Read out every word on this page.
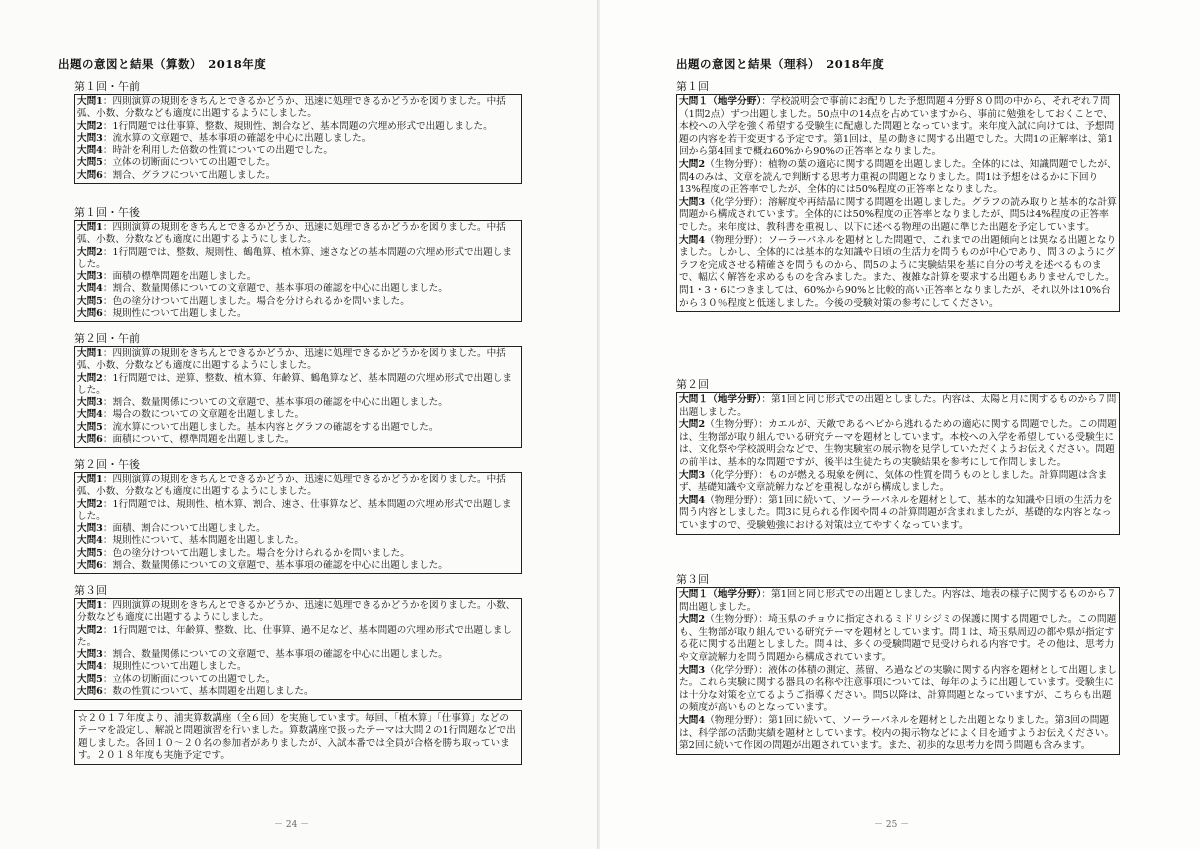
出題の意図と結果（算数）　2018年度
第１回・午前

大問1：四則演算の規則をきちんとできるかどうか、迅速に処理できるかどうかを図りました。中括弧、小数、分数なども適度に出題するようにしました。

大問2：1行問題では仕事算、整数、規則性、割合など、基本問題の穴埋め形式で出題しました。

大問3：流水算の文章題で、基本事項の確認を中心に出題しました。

大問4：時計を利用した倍数の性質についての出題でした。

大問5：立体の切断面についての出題でした。

大問6：割合、グラフについて出題しました。

第１回・午後

大問1：四則演算の規則をきちんとできるかどうか、迅速に処理できるかどうかを図りました。中括弧、小数、分数なども適度に出題するようにしました。

大問2：1行問題では、整数、規則性、鶴亀算、植木算、速さなどの基本問題の穴埋め形式で出題しました。

大問3：面積の標準問題を出題しました。

大問4：割合、数量関係についての文章題で、基本事項の確認を中心に出題しました。

大問5：色の塗分けついて出題しました。場合を分けられるかを問いました。

大問6：規則性について出題しました。

第２回・午前

大問1：四則演算の規則をきちんとできるかどうか、迅速に処理できるかどうかを図りました。中括弧、小数、分数なども適度に出題するようにしました。

大問2：1行問題では、逆算、整数、植木算、年齢算、鶴亀算など、基本問題の穴埋め形式で出題しました。

大問3：割合、数量関係についての文章題で、基本事項の確認を中心に出題しました。

大問4：場合の数についての文章題を出題しました。

大問5：流水算について出題しました。基本内容とグラフの確認をする出題でした。

大問6：面積について、標準問題を出題しました。

第２回・午後

大問1：四則演算の規則をきちんとできるかどうか、迅速に処理できるかどうかを図りました。中括弧、小数、分数なども適度に出題するようにしました。

大問2：1行問題では、規則性、植木算、割合、速さ、仕事算など、基本問題の穴埋め形式で出題しました。

大問3：面積、割合について出題しました。

大問4：規則性について、基本問題を出題しました。

大問5：色の塗分けついて出題しました。場合を分けられるかを問いました。

大問6：割合、数量関係についての文章題で、基本事項の確認を中心に出題しました。

第３回

大問1：四則演算の規則をきちんとできるかどうか、迅速に処理できるかどうかを図りました。小数、分数なども適度に出題するようにしました。

大問2：1行問題では、年齢算、整数、比、仕事算、過不足など、基本問題の穴埋め形式で出題しました。

大問3：割合、数量関係についての文章題で、基本事項の確認を中心に出題しました。

大問4：規則性について出題しました。

大問5：立体の切断面についての出題でした。

大問6：数の性質について、基本問題を出題しました。

☆２０１７年度より、浦実算数講座（全６回）を実施しています。毎回、「植木算」「仕事算」などのテーマを設定し、解説と問題演習を行いました。算数講座で扱ったテーマは大問２の1行問題などで出題しました。各回１０～２０名の参加者がありましたが、入試本番では全員が合格を勝ち取っています。２０１８年度も実施予定です。
－ 24 －
出題の意図と結果（理科）　2018年度
第１回

大問１（地学分野）：学校説明会で事前にお配りした予想問題４分野８０問の中から、それぞれ７問（1問2点）ずつ出題しました。50点中の14点を占めていますから、事前に勉強をしておくことで、本校への入学を強く希望する受験生に配慮した問題となっています。来年度入試に向けては、予想問題の内容を若干変更する予定です。第1回は、星の動きに関する出題でした。大問1の正解率は、第1回から第4回まで概ね60%から90%の正答率となりました。

大問2（生物分野）：植物の葉の適応に関する問題を出題しました。全体的には、知識問題でしたが、問4のみは、文章を読んで判断する思考力重視の問題となりました。問1は予想をはるかに下回り13%程度の正答率でしたが、全体的には50%程度の正答率となりました。

大問3（化学分野）：溶解度や再結晶に関する問題を出題しました。グラフの読み取りと基本的な計算問題から構成されています。全体的には50%程度の正答率となりましたが、問5は4%程度の正答率でした。来年度は、教科書を重視し、以下に述べる物理の出題に準じた出題を予定しています。

大問4（物理分野）：ソーラーパネルを題材とした問題で、これまでの出題傾向とは異なる出題となりました。しかし、全体的には基本的な知識や日頃の生活力を問うものが中心であり、問３のようにグラフを完成させる精確さを問うものから、問5のように実験結果を基に自分の考えを述べるものまで、幅広く解答を求めるものを含みました。また、複雑な計算を要求する出題もありませんでした。問1・3・6につきましては、60%から90%と比較的高い正答率となりましたが、それ以外は10%台から３０％程度と低迷しました。今後の受験対策の参考にしてください。

第２回

大問１（地学分野）：第1回と同じ形式での出題としました。内容は、太陽と月に関するものから７問出題しました。

大問2（生物分野）：カエルが、天敵であるヘビから逃れるための適応に関する問題でした。この問題は、生物部が取り組んでいる研究テーマを題材としています。本校への入学を希望している受験生には、文化祭や学校説明会などで、生物実験室の展示物を見学していただくようお伝えください。問題の前半は、基本的な問題ですが、後半は生徒たちの実験結果を参考にして作問しました。

大問3（化学分野）：ものが燃える現象を例に、気体の性質を問うものとしました。計算問題は含まず、基礎知識や文章読解力などを重視しながら構成しました。

大問4（物理分野）：第1回に続いて、ソーラーパネルを題材として、基本的な知識や日頃の生活力を問う内容としました。問3に見られる作図や問４の計算問題が含まれましたが、基礎的な内容となっていますので、受験勉強における対策は立てやすくなっています。

第３回

大問１（地学分野）：第1回と同じ形式での出題としました。内容は、地表の様子に関するものから７問出題しました。

大問2（生物分野）：埼玉県のチョウに指定されるミドリシジミの保護に関する問題でした。この問題も、生物部が取り組んでいる研究テーマを題材としています。問１は、埼玉県周辺の都や県が指定する花に関する出題としました。問４は、多くの受験問題で見受けられる内容です。その他は、思考力や文章読解力を問う問題から構成されています。

大問3（化学分野）：液体の体積の測定、蒸留、ろ過などの実験に関する内容を題材として出題しました。これら実験に関する器具の名称や注意事項については、毎年のように出題しています。受験生には十分な対策を立てるようご指導ください。問5以降は、計算問題となっていますが、こちらも出題の頻度が高いものとなっています。

大問4（物理分野）：第1回に続いて、ソーラーパネルを題材とした出題となりました。第3回の問題は、科学部の活動実績を題材としています。校内の掲示物などによく目を通すようお伝えください。第2回に続いて作図の問題が出題されています。また、初歩的な思考力を問う問題も含みます。

－ 25 －
